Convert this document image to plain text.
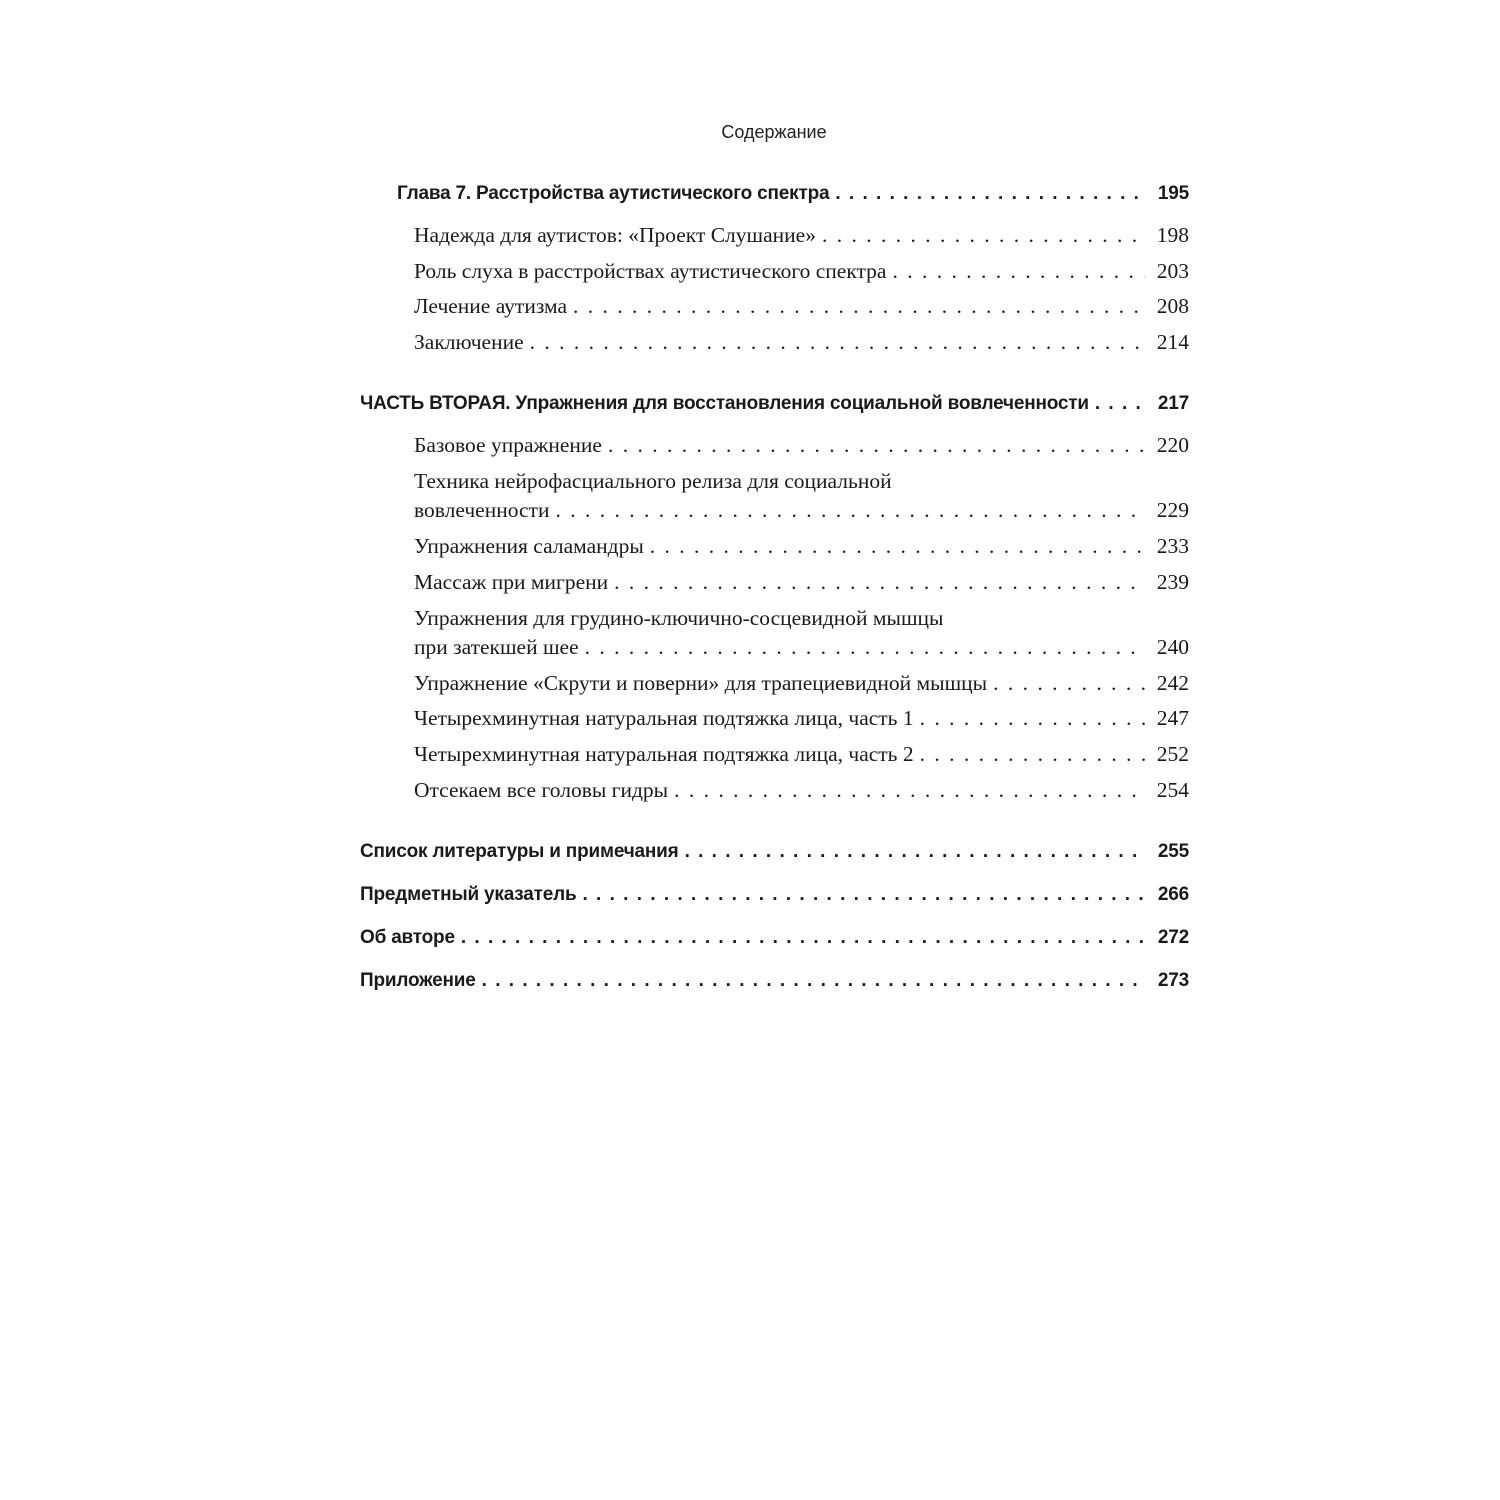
Содержание
Глава 7. Расстройства аутистического спектра . . .	195
Надежда для аутистов: «Проект Слушание» . . .	198
Роль слуха в расстройствах аутистического спектра . . .	203
Лечение аутизма . . .	208
Заключение . . .	214
ЧАСТЬ ВТОРАЯ. Упражнения для восстановления социальной вовлеченности . . .	217
Базовое упражнение . . .	220
Техника нейрофасциального релиза для социальной
вовлеченности . . .	229
Упражнения саламандры . . .	233
Массаж при мигрени . . .	239
Упражнения для грудино-ключично-сосцевидной мышцы
при затекшей шее . . .	240
Упражнение «Скрути и поверни» для трапециевидной мышцы . . .	242
Четырехминутная натуральная подтяжка лица, часть 1 . . .	247
Четырехминутная натуральная подтяжка лица, часть 2 . . .	252
Отсекаем все головы гидры . . .	254
Список литературы и примечания . . .	255
Предметный указатель . . .	266
Об авторе . . .	272
Приложение . . .	273
